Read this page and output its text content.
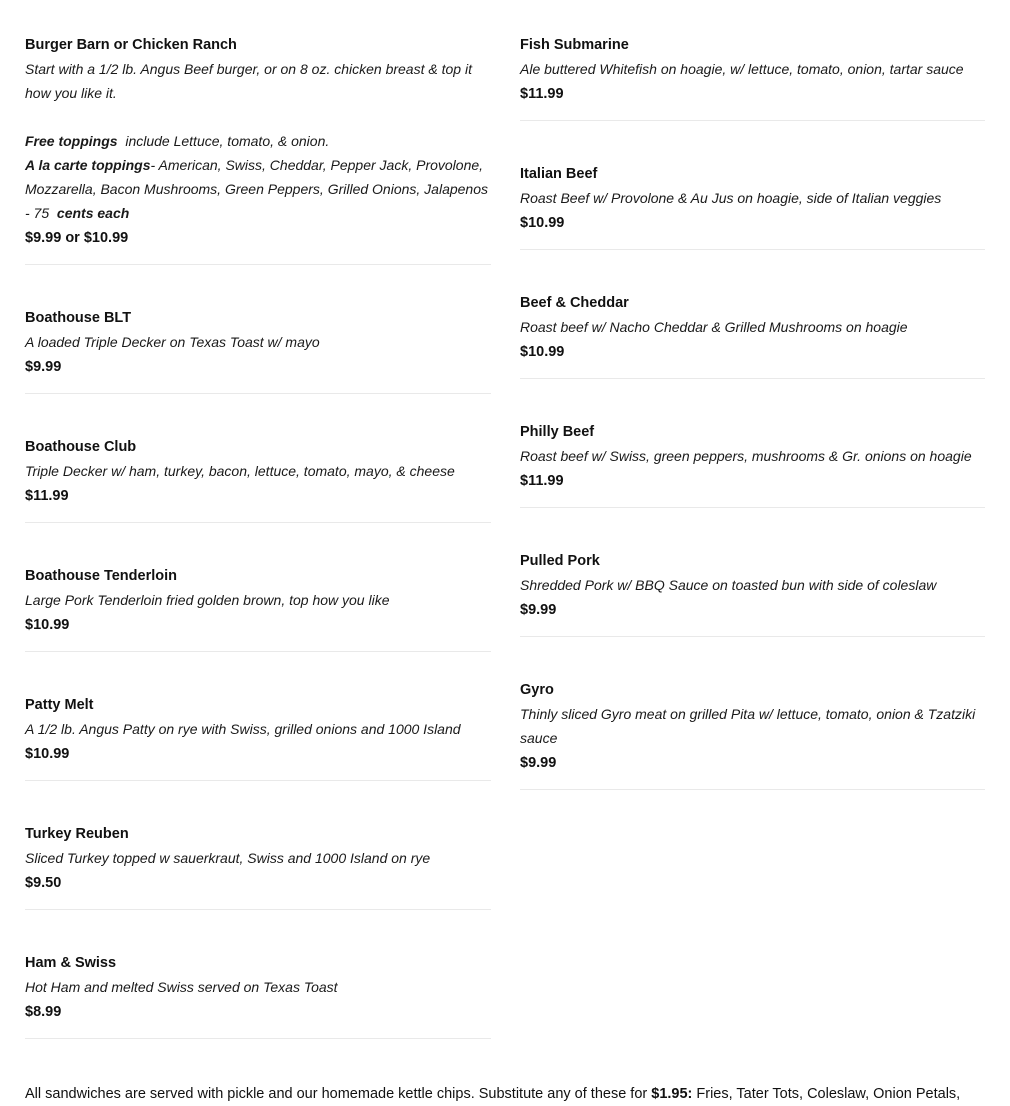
Burger Barn or Chicken Ranch
Start with a 1/2 lb. Angus Beef burger, or on 8 oz. chicken breast & top it how you like it.
Free toppings include Lettuce, tomato, & onion.
A la carte toppings- American, Swiss, Cheddar, Pepper Jack, Provolone, Mozzarella, Bacon Mushrooms, Green Peppers, Grilled Onions, Jalapenos - 75 cents each
$9.99 or $10.99
Boathouse BLT
A loaded Triple Decker on Texas Toast w/ mayo
$9.99
Boathouse Club
Triple Decker w/ ham, turkey, bacon, lettuce, tomato, mayo, & cheese
$11.99
Boathouse Tenderloin
Large Pork Tenderloin fried golden brown, top how you like
$10.99
Patty Melt
A 1/2 lb. Angus Patty on rye with Swiss, grilled onions and 1000 Island
$10.99
Turkey Reuben
Sliced Turkey topped w sauerkraut, Swiss and 1000 Island on rye
$9.50
Ham & Swiss
Hot Ham and melted Swiss served on Texas Toast
$8.99
Fish Submarine
Ale buttered Whitefish on hoagie, w/ lettuce, tomato, onion, tartar sauce
$11.99
Italian Beef
Roast Beef w/ Provolone & Au Jus on hoagie, side of Italian veggies
$10.99
Beef & Cheddar
Roast beef w/ Nacho Cheddar & Grilled Mushrooms on hoagie
$10.99
Philly Beef
Roast beef w/ Swiss, green peppers, mushrooms & Gr. onions on hoagie
$11.99
Pulled Pork
Shredded Pork w/ BBQ Sauce on toasted bun with side of coleslaw
$9.99
Gyro
Thinly sliced Gyro meat on grilled Pita w/ lettuce, tomato, onion & Tzatziki sauce
$9.99
All sandwiches are served with pickle and our homemade kettle chips. Substitute any of these for $1.95: Fries, Tater Tots, Coleslaw, Onion Petals,
